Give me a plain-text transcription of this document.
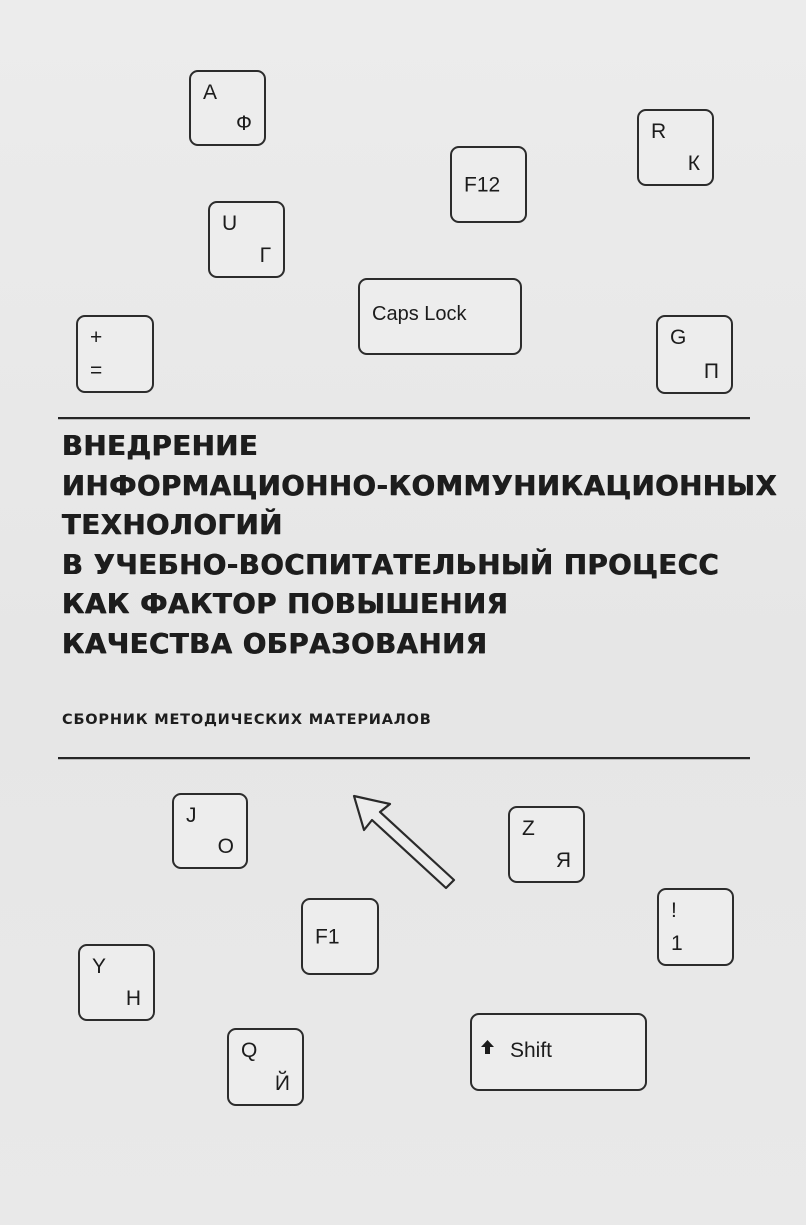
A
Ф
U
Г
+
=
F12
Caps Lock
R
К
G
П
ВНЕДРЕНИЕ
ИНФОРМАЦИОННО-КОММУНИКАЦИОННЫХ
ТЕХНОЛОГИЙ
В УЧЕБНО-ВОСПИТАТЕЛЬНЫЙ ПРОЦЕСС
КАК ФАКТОР ПОВЫШЕНИЯ
КАЧЕСТВА ОБРАЗОВАНИЯ

СБОРНИК МЕТОДИЧЕСКИХ МАТЕРИАЛОВ

J
О
Z
Я
F1
!
1
Y
Н
Q
Й
Shift
